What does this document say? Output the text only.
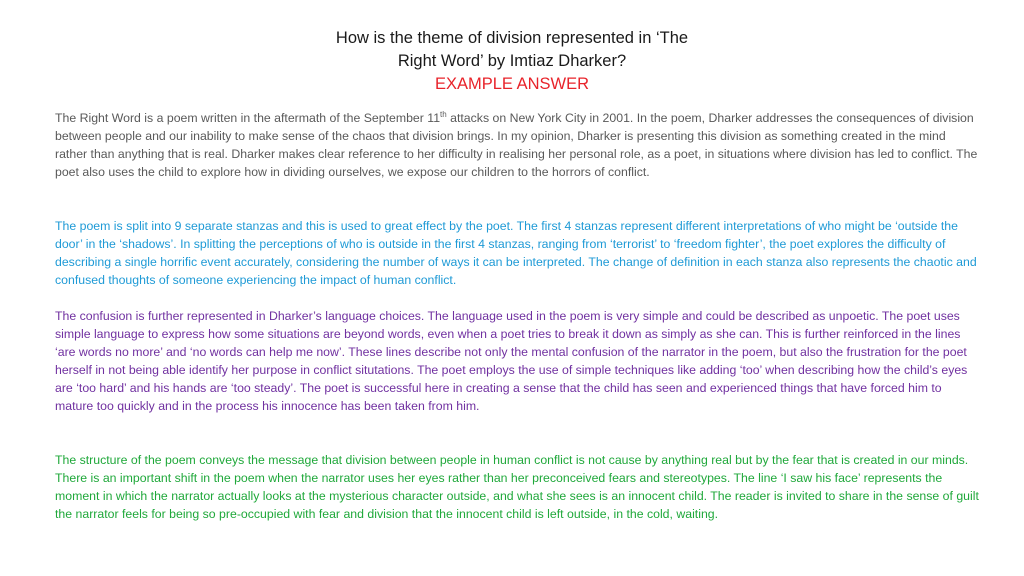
How is the theme of division represented in ‘The
Right Word’ by Imtiaz Dharker?
EXAMPLE ANSWER

The Right Word is a poem written in the aftermath of the September 11th attacks on New York City in 2001. In the poem, Dharker addresses the consequences of division between people and our inability to make sense of the chaos that division brings. In my opinion, Dharker is presenting this division as something created in the mind rather than anything that is real. Dharker makes clear reference to her difficulty in realising her personal role, as a poet, in situations where division has led to conflict. The poet also uses the child to explore how in dividing ourselves, we expose our children to the horrors of conflict.

The poem is split into 9 separate stanzas and this is used to great effect by the poet. The first 4 stanzas represent different interpretations of who might be ‘outside the door’ in the ‘shadows’. In splitting the perceptions of who is outside in the first 4 stanzas, ranging from ‘terrorist’ to ‘freedom fighter’, the poet explores the difficulty of describing a single horrific event accurately, considering the number of ways it can be interpreted. The change of definition in each stanza also represents the chaotic and confused thoughts of someone experiencing the impact of human conflict.

The confusion is further represented in Dharker’s language choices. The language used in the poem is very simple and could be described as unpoetic. The poet uses simple language to express how some situations are beyond words, even when a poet tries to break it down as simply as she can. This is further reinforced in the lines ‘are words no more’ and ‘no words can help me now’. These lines describe not only the mental confusion of the narrator in the poem, but also the frustration for the poet herself in not being able identify her purpose in conflict situtations. The poet employs the use of simple techniques like adding ‘too’ when describing how the child’s eyes are ‘too hard’ and his hands are ‘too steady’. The poet is successful here in creating a sense that the child has seen and experienced things that have forced him to mature too quickly and in the process his innocence has been taken from him.

The structure of the poem conveys the message that division between people in human conflict is not cause by anything real but by the fear that is created in our minds. There is an important shift in the poem when the narrator uses her eyes rather than her preconceived fears and stereotypes. The line ‘I saw his face’ represents the moment in which the narrator actually looks at the mysterious character outside, and what she sees is an innocent child. The reader is invited to share in the sense of guilt the narrator feels for being so pre-occupied with fear and division that the innocent child is left outside, in the cold, waiting.
